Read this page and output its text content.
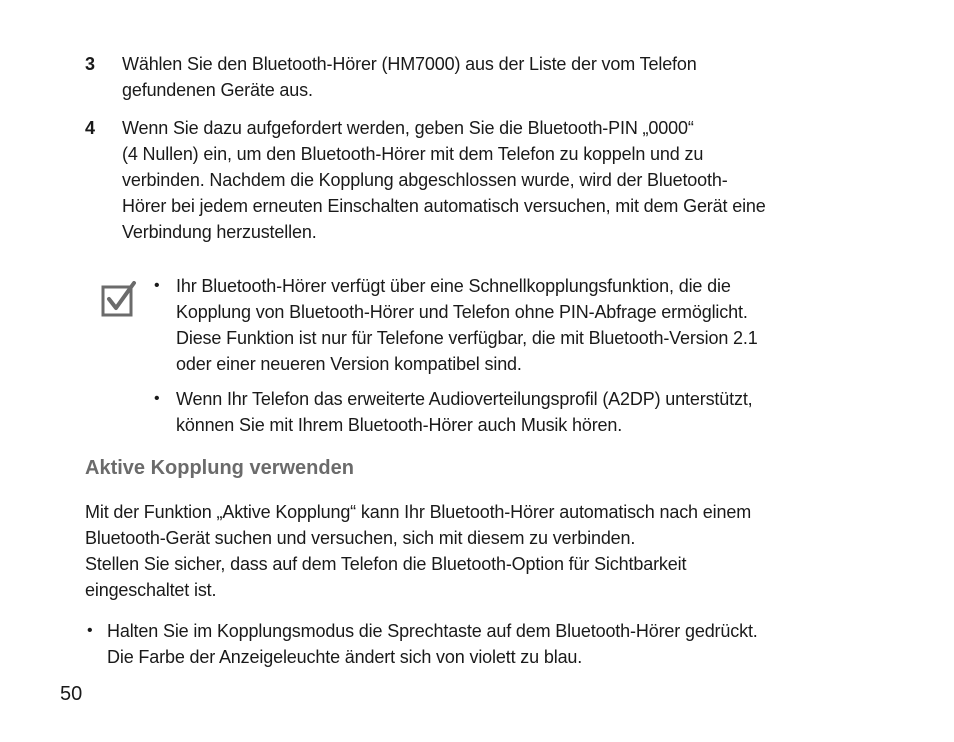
3 Wählen Sie den Bluetooth-Hörer (HM7000) aus der Liste der vom Telefon
gefundenen Geräte aus.
4 Wenn Sie dazu aufgefordert werden, geben Sie die Bluetooth-PIN „0000“
(4 Nullen) ein, um den Bluetooth-Hörer mit dem Telefon zu koppeln und zu
verbinden. Nachdem die Kopplung abgeschlossen wurde, wird der Bluetooth-
Hörer bei jedem erneuten Einschalten automatisch versuchen, mit dem Gerät eine
Verbindung herzustellen.
• Ihr Bluetooth-Hörer verfügt über eine Schnellkopplungsfunktion, die die
Kopplung von Bluetooth-Hörer und Telefon ohne PIN-Abfrage ermöglicht.
Diese Funktion ist nur für Telefone verfügbar, die mit Bluetooth-Version 2.1
oder einer neueren Version kompatibel sind.
• Wenn Ihr Telefon das erweiterte Audioverteilungsprofil (A2DP) unterstützt,
können Sie mit Ihrem Bluetooth-Hörer auch Musik hören.
Aktive Kopplung verwenden
Mit der Funktion „Aktive Kopplung“ kann Ihr Bluetooth-Hörer automatisch nach einem
Bluetooth-Gerät suchen und versuchen, sich mit diesem zu verbinden.
Stellen Sie sicher, dass auf dem Telefon die Bluetooth-Option für Sichtbarkeit
eingeschaltet ist.
• Halten Sie im Kopplungsmodus die Sprechtaste auf dem Bluetooth-Hörer gedrückt.
Die Farbe der Anzeigeleuchte ändert sich von violett zu blau.
50
